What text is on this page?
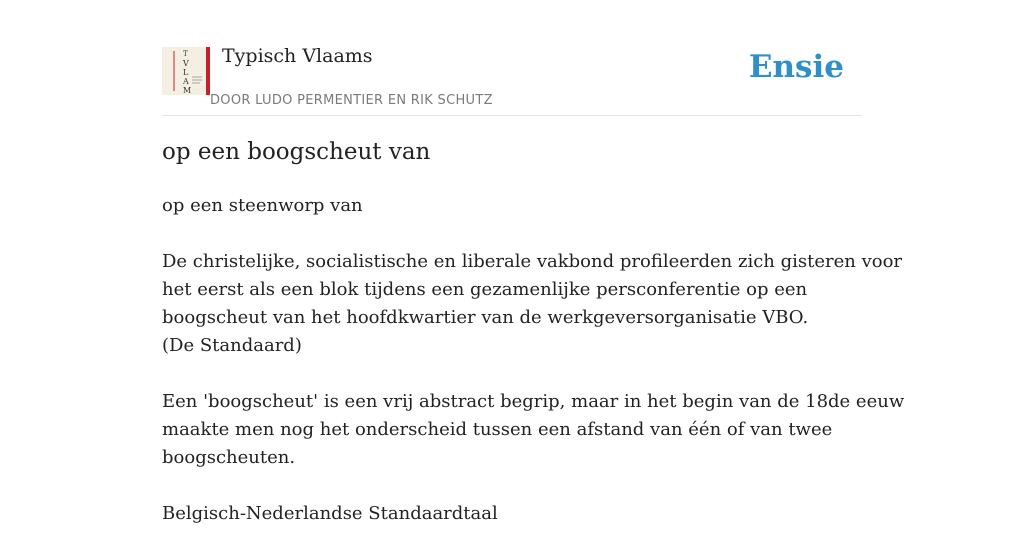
T
V
L
A
M
Typisch Vlaams
DOOR LUDO PERMENTIER EN RIK SCHUTZ
Ensie
op een boogscheut van

op een steenworp van

De christelijke, socialistische en liberale vakbond profileerden zich gisteren voor
het eerst als een blok tijdens een gezamenlijke persconferentie op een
boogscheut van het hoofdkwartier van de werkgeversorganisatie VBO.
(De Standaard)

Een 'boogscheut' is een vrij abstract begrip, maar in het begin van de 18de eeuw
maakte men nog het onderscheid tussen een afstand van één of van twee
boogscheuten.

Belgisch-Nederlandse Standaardtaal
